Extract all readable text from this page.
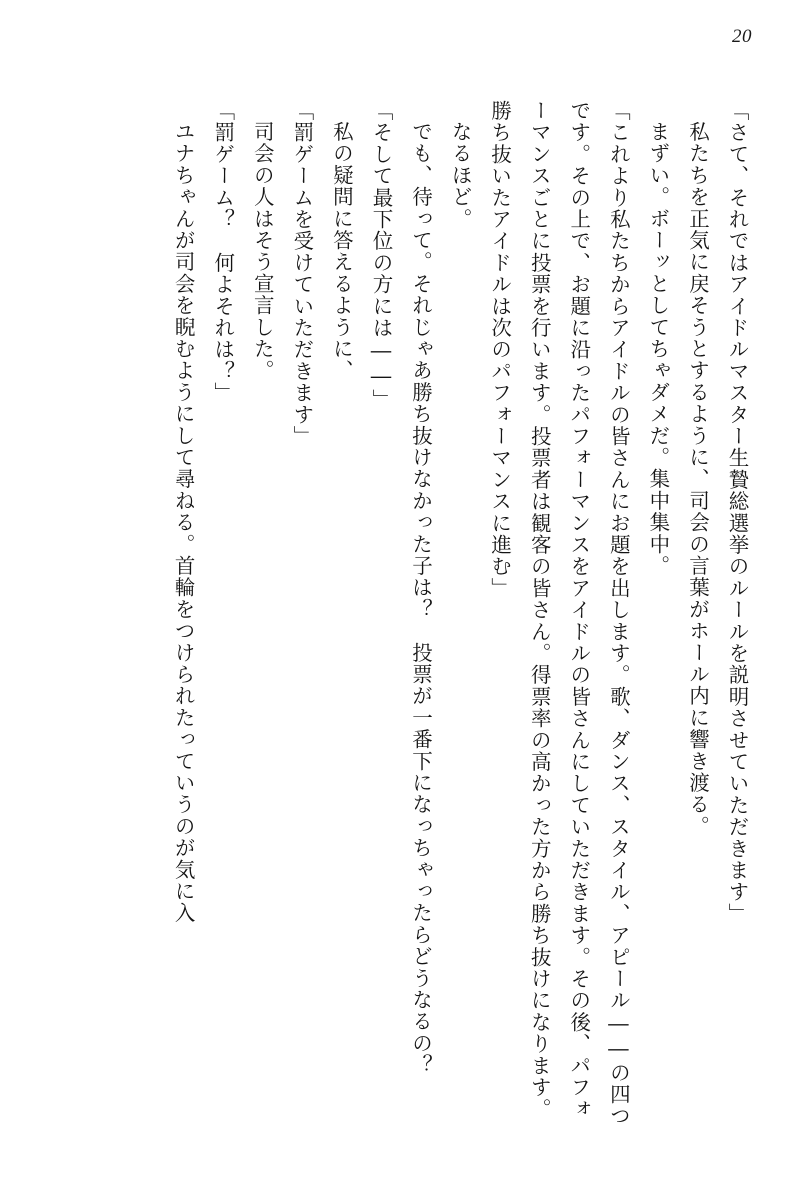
20

「さて、それではアイドルマスター生贄総選挙のルールを説明させていただきます」

私たちを正気に戻そうとするように、司会の言葉がホール内に響き渡る。

まずい。ボーッとしてちゃダメだ。集中集中。

「これより私たちからアイドルの皆さんにお題を出します。歌、ダンス、スタイル、アピール――の四つです。その上で、お題に沿ったパフォーマンスをアイドルの皆さんにしていただきます。その後、パフォーマンスごとに投票を行います。投票者は観客の皆さん。得票率の高かった方から勝ち抜けになります。勝ち抜いたアイドルは次のパフォーマンスに進む」

なるほど。

でも、待って。それじゃあ勝ち抜けなかった子は？　投票が一番下になっちゃったらどうなるの？

「そして最下位の方には――」

私の疑問に答えるように、

「罰ゲームを受けていただきます」

司会の人はそう宣言した。

「罰ゲーム？　何よそれは？」

ユナちゃんが司会を睨むようにして尋ねる。首輪をつけられたっていうのが気に入
